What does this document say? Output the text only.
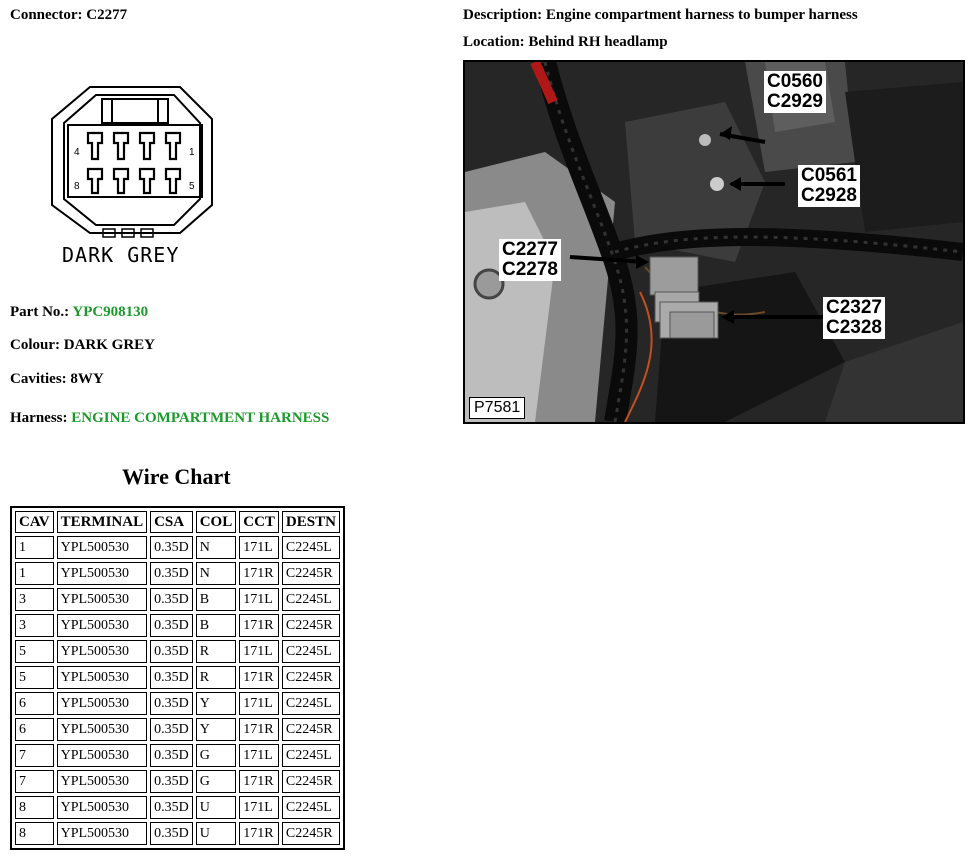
Connector: C2277	Description: Engine compartment harness to bumper harness
Location: Behind RH headlamp
4	1
8	5
DARK GREY
Part No.: YPC908130
Colour: DARK GREY
Cavities: 8WY
Harness: ENGINE COMPARTMENT HARNESS
C0560
C2929
C0561
C2928
C2277
C2278
C2327
C2328
P7581
Wire Chart
CAV	TERMINAL	CSA	COL	CCT	DESTN
1	YPL500530	0.35D	N	171L	C2245L
1	YPL500530	0.35D	N	171R	C2245R
3	YPL500530	0.35D	B	171L	C2245L
3	YPL500530	0.35D	B	171R	C2245R
5	YPL500530	0.35D	R	171L	C2245L
5	YPL500530	0.35D	R	171R	C2245R
6	YPL500530	0.35D	Y	171L	C2245L
6	YPL500530	0.35D	Y	171R	C2245R
7	YPL500530	0.35D	G	171L	C2245L
7	YPL500530	0.35D	G	171R	C2245R
8	YPL500530	0.35D	U	171L	C2245L
8	YPL500530	0.35D	U	171R	C2245R
